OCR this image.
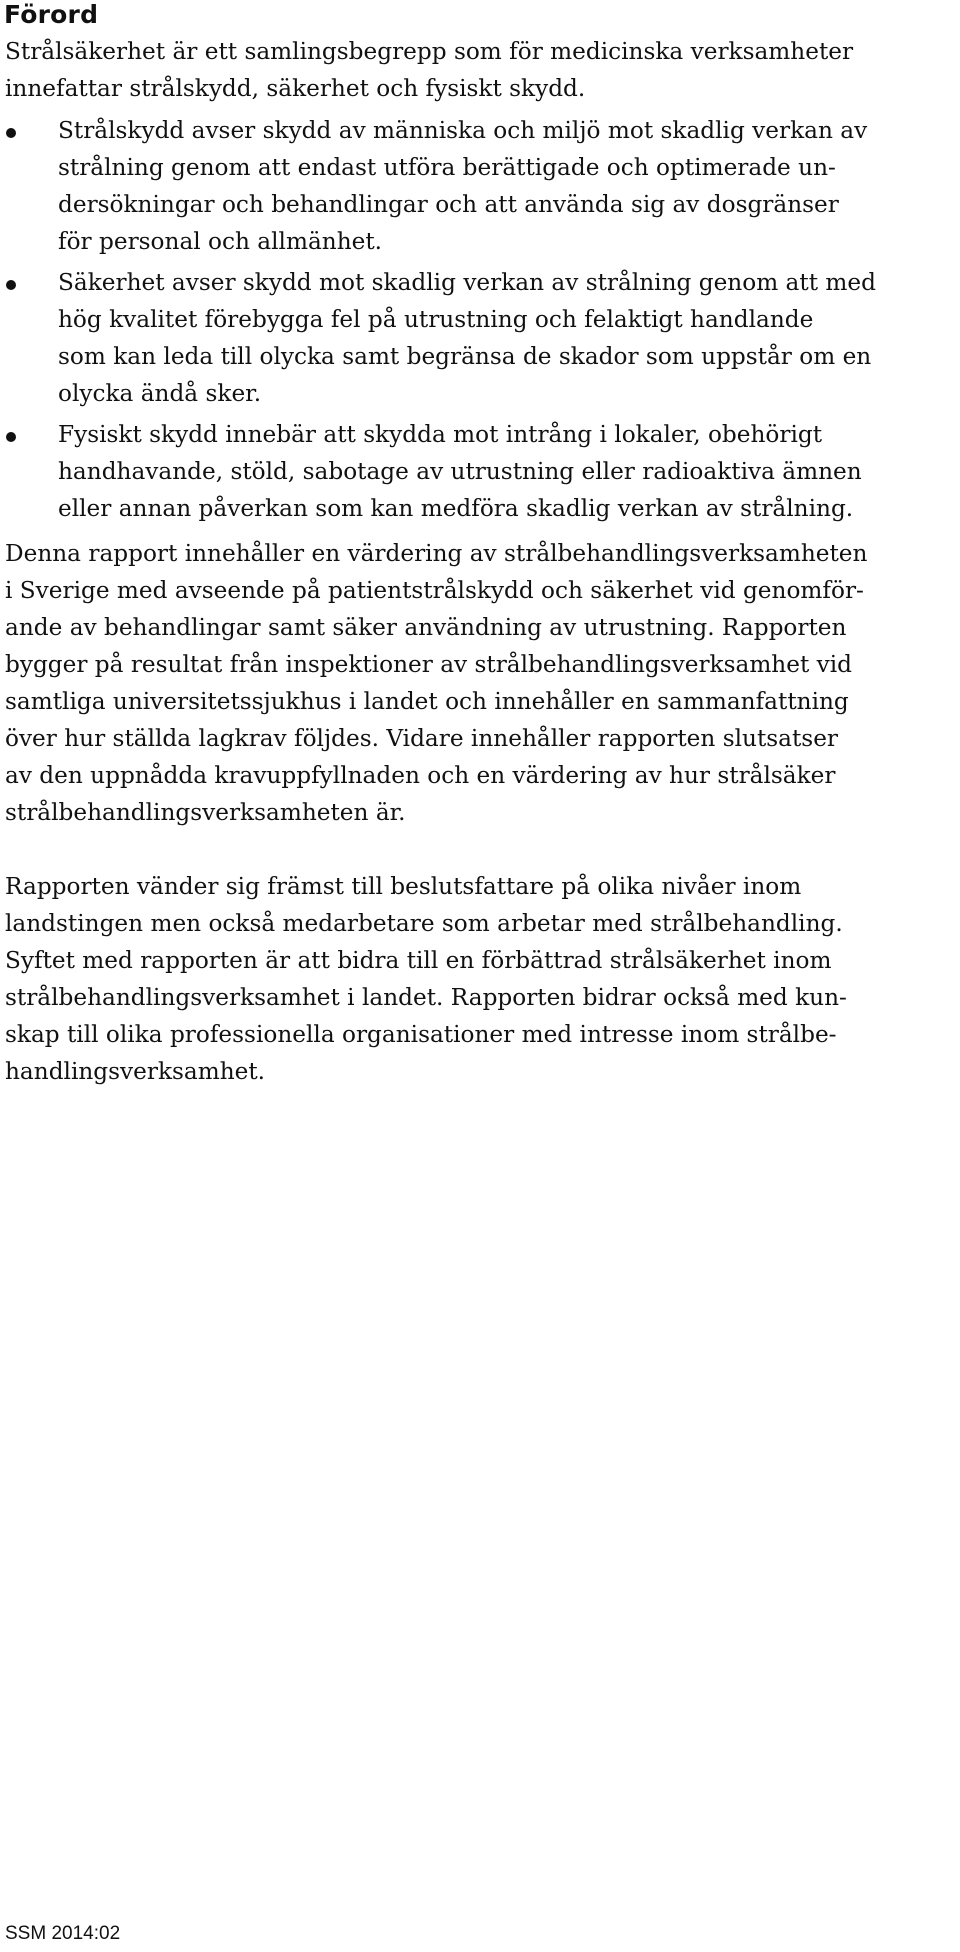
Förord

Strålsäkerhet är ett samlingsbegrepp som för medicinska verksamheter
innefattar strålskydd, säkerhet och fysiskt skydd.

Strålskydd avser skydd av människa och miljö mot skadlig verkan av
strålning genom att endast utföra berättigade och optimerade un-
dersökningar och behandlingar och att använda sig av dosgränser
för personal och allmänhet.
Säkerhet avser skydd mot skadlig verkan av strålning genom att med
hög kvalitet förebygga fel på utrustning och felaktigt handlande
som kan leda till olycka samt begränsa de skador som uppstår om en
olycka ändå sker.
Fysiskt skydd innebär att skydda mot intrång i lokaler, obehörigt
handhavande, stöld, sabotage av utrustning eller radioaktiva ämnen
eller annan påverkan som kan medföra skadlig verkan av strålning.

Denna rapport innehåller en värdering av strålbehandlingsverksamheten
i Sverige med avseende på patientstrålskydd och säkerhet vid genomför-
ande av behandlingar samt säker användning av utrustning. Rapporten
bygger på resultat från inspektioner av strålbehandlingsverksamhet vid
samtliga universitetssjukhus i landet och innehåller en sammanfattning
över hur ställda lagkrav följdes. Vidare innehåller rapporten slutsatser
av den uppnådda kravuppfyllnaden och en värdering av hur strålsäker
strålbehandlingsverksamheten är.

Rapporten vänder sig främst till beslutsfattare på olika nivåer inom
landstingen men också medarbetare som arbetar med strålbehandling.
Syftet med rapporten är att bidra till en förbättrad strålsäkerhet inom
strålbehandlingsverksamhet i landet. Rapporten bidrar också med kun-
skap till olika professionella organisationer med intresse inom strålbe-
handlingsverksamhet.

SSM 2014:02
